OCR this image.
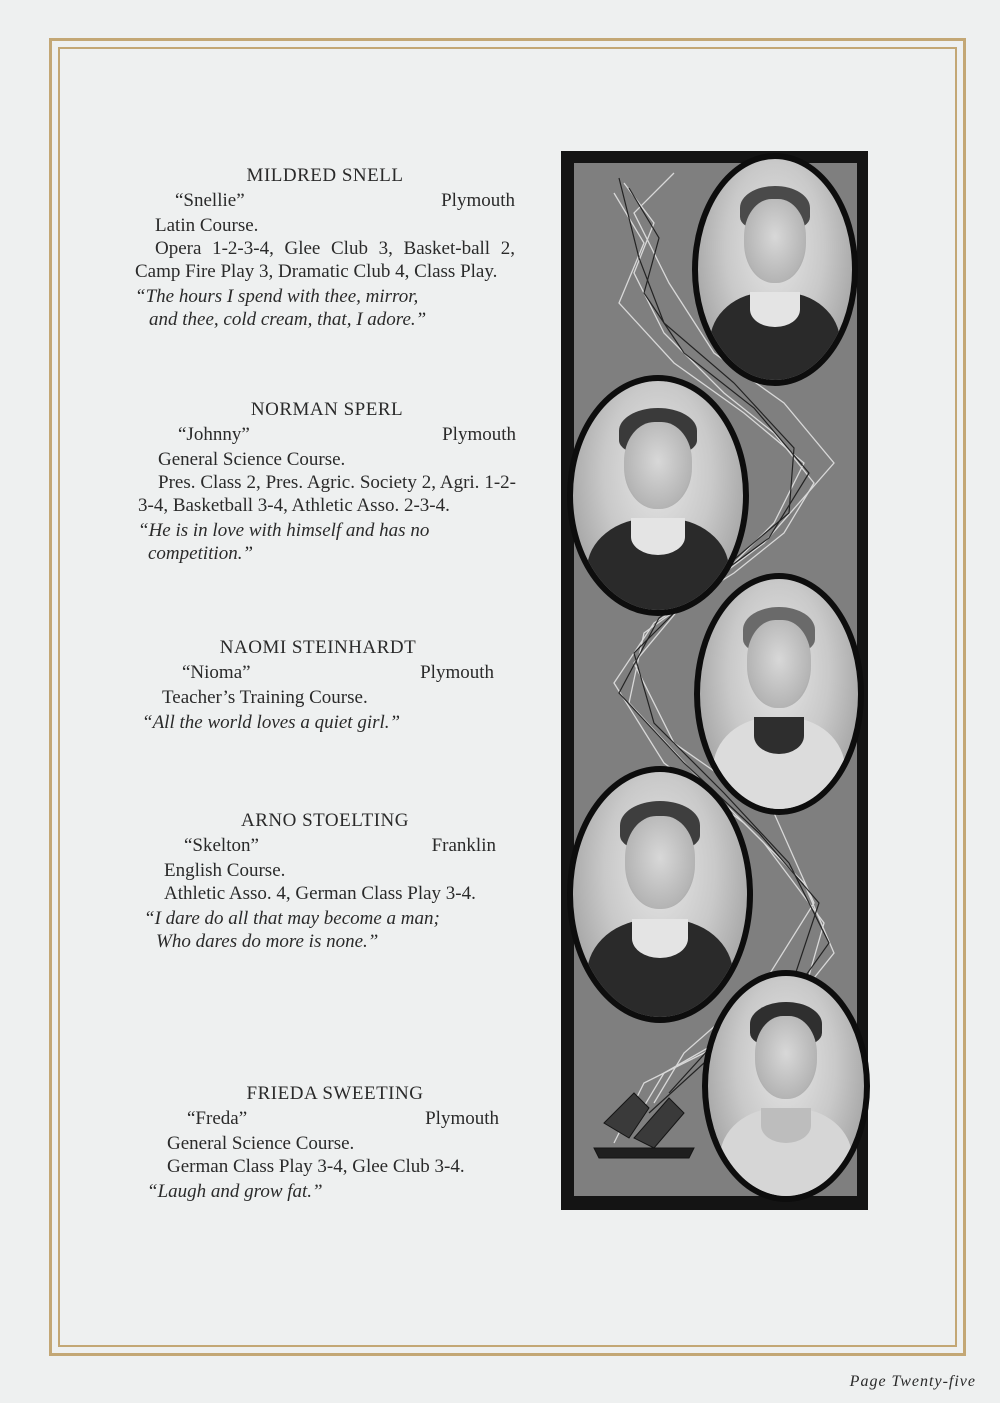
MILDRED SNELL
“Snellie”	Plymouth
Latin Course.
Opera 1-2-3-4, Glee Club 3, Basket-ball 2, Camp Fire Play 3, Dramatic Club 4, Class Play.
“The hours I spend with thee, mirror,
and thee, cold cream, that, I adore.”
NORMAN SPERL
“Johnny”	Plymouth
General Science Course.
Pres. Class 2, Pres. Agric. Society 2, Agri. 1-2-3-4, Basketball 3-4, Athletic Asso. 2-3-4.
“He is in love with himself and has no
competition.”
NAOMI STEINHARDT
“Nioma”	Plymouth
Teacher’s Training Course.
“All the world loves a quiet girl.”
ARNO STOELTING
“Skelton”	Franklin
English Course.
Athletic Asso. 4, German Class Play 3-4.
“I dare do all that may become a man;
Who dares do more is none.”
FRIEDA SWEETING
“Freda”	Plymouth
General Science Course.
German Class Play 3-4, Glee Club 3-4.
“Laugh and grow fat.”
Page Twenty-five
